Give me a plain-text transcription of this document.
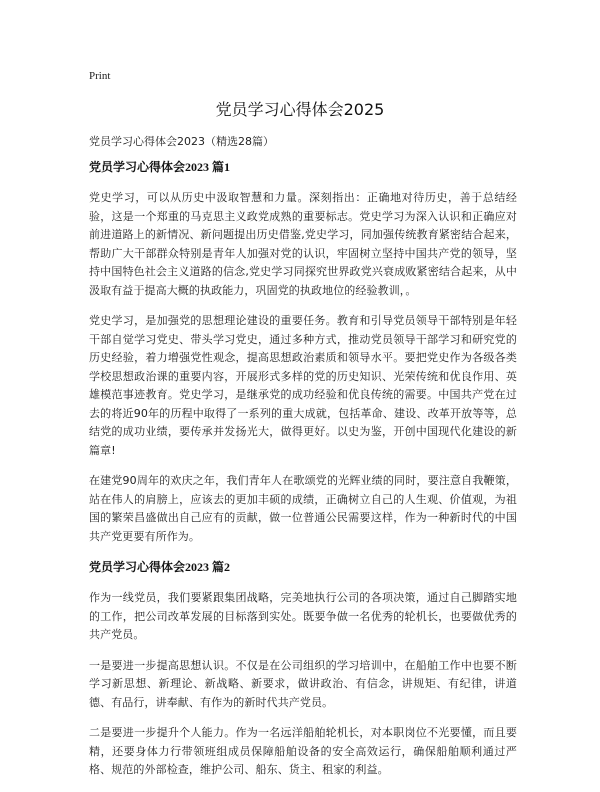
Print
党员学习心得体会2025
党员学习心得体会2023（精选28篇）
党员学习心得体会2023 篇1

党史学习，可以从历史中汲取智慧和力量。深刻指出：正确地对待历史，善于总结经验，这是一个郑重的马克思主义政党成熟的重要标志。党史学习为深入认识和正确应对前进道路上的新情况、新问题提出历史借鉴,党史学习，同加强传统教育紧密结合起来，帮助广大干部群众特别是青年人加强对党的认识，牢固树立坚持中国共产党的领导，坚持中国特色社会主义道路的信念,党史学习同探究世界政党兴衰成败紧密结合起来，从中汲取有益于提高大概的执政能力，巩固党的执政地位的经验教训，。

党史学习，是加强党的思想理论建设的重要任务。教育和引导党员领导干部特别是年轻干部自觉学习党史、带头学习党史，通过多种方式，推动党员领导干部学习和研究党的历史经验，着力增强党性观念，提高思想政治素质和领导水平。要把党史作为各级各类学校思想政治课的重要内容，开展形式多样的党的历史知识、光荣传统和优良作用、英雄模范事迹教育。党史学习，是继承党的成功经验和优良传统的需要。中国共产党在过去的将近90年的历程中取得了一系列的重大成就，包括革命、建设、改革开放等等，总结党的成功业绩，要传承并发扬光大，做得更好。以史为鉴，开创中国现代化建设的新篇章!

在建党90周年的欢庆之年，我们青年人在歌颂党的光辉业绩的同时，要注意自我鞭策，站在伟人的肩膀上，应该去的更加丰硕的成绩，正确树立自己的人生观、价值观，为祖国的繁荣昌盛做出自己应有的贡献，做一位普通公民需要这样，作为一种新时代的中国共产党更要有所作为。

党员学习心得体会2023 篇2

作为一线党员，我们要紧跟集团战略，完美地执行公司的各项决策，通过自己脚踏实地的工作，把公司改革发展的目标落到实处。既要争做一名优秀的轮机长，也要做优秀的共产党员。

一是要进一步提高思想认识。不仅是在公司组织的学习培训中，在船舶工作中也要不断学习新思想、新理论、新战略、新要求，做讲政治、有信念，讲规矩、有纪律，讲道德、有品行，讲奉献、有作为的新时代共产党员。

二是要进一步提升个人能力。作为一名远洋船舶轮机长，对本职岗位不光要懂，而且要精，还要身体力行带领班组成员保障船舶设备的安全高效运行，确保船舶顺利通过严格、规范的外部检查，维护公司、船东、货主、租家的利益。
